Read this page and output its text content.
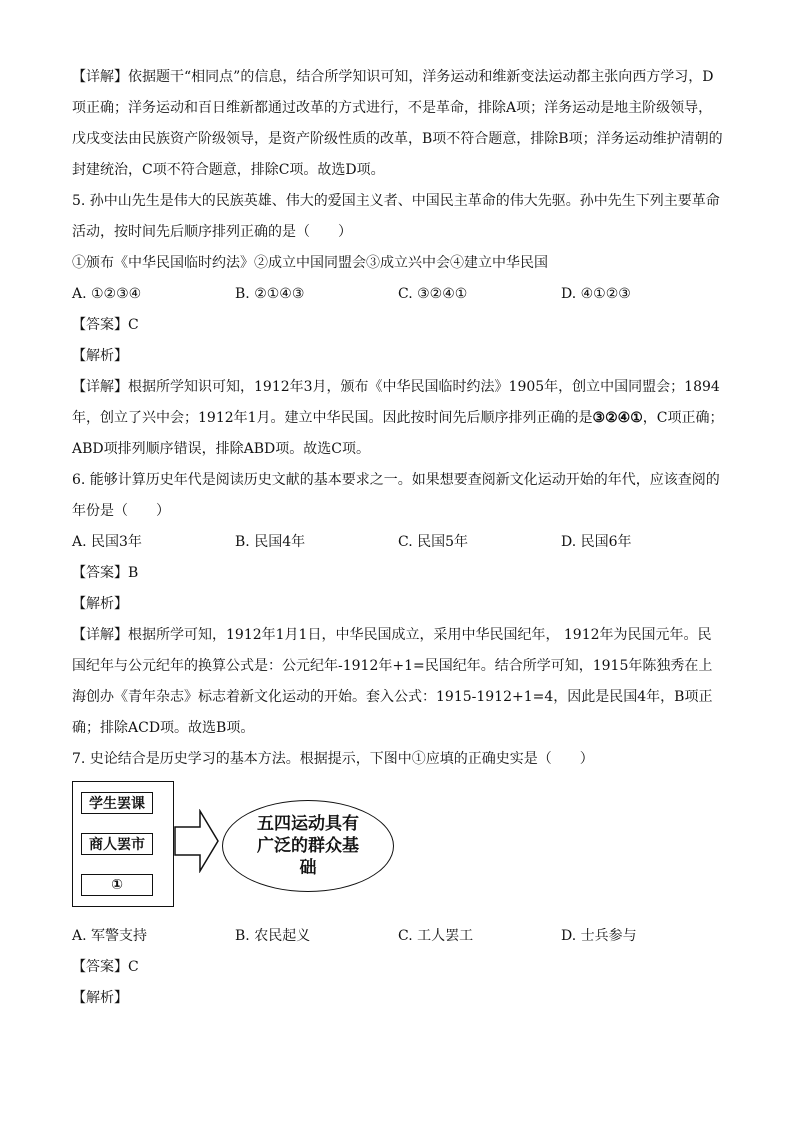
【详解】依据题干“相同点”的信息，结合所学知识可知，洋务运动和维新变法运动都主张向西方学习，D项正确；洋务运动和百日维新都通过改革的方式进行，不是革命，排除A项；洋务运动是地主阶级领导，戊戌变法由民族资产阶级领导，是资产阶级性质的改革，B项不符合题意，排除B项；洋务运动维护清朝的封建统治，C项不符合题意，排除C项。故选D项。

5. 孙中山先生是伟大的民族英雄、伟大的爱国主义者、中国民主革命的伟大先驱。孙中先生下列主要革命活动，按时间先后顺序排列正确的是（　　）

①颁布《中华民国临时约法》②成立中国同盟会③成立兴中会④建立中华民国

A. ①②③④	B. ②①④③	C. ③②④①	D. ④①②③

【答案】C

【解析】

【详解】根据所学知识可知，1912年3月，颁布《中华民国临时约法》1905年，创立中国同盟会；1894年，创立了兴中会；1912年1月。建立中华民国。因此按时间先后顺序排列正确的是③②④①，C项正确；ABD项排列顺序错误，排除ABD项。故选C项。

6. 能够计算历史年代是阅读历史文献的基本要求之一。如果想要查阅新文化运动开始的年代，应该查阅的年份是（　　）

A. 民国3年	B. 民国4年	C. 民国5年	D. 民国6年

【答案】B

【解析】

【详解】根据所学可知，1912年1月1日，中华民国成立，采用中华民国纪年， 1912年为民国元年。民国纪年与公元纪年的换算公式是：公元纪年-1912年+1=民国纪年。结合所学可知，1915年陈独秀在上海创办《青年杂志》标志着新文化运动的开始。套入公式：1915-1912+1=4，因此是民国4年，B项正确；排除ACD项。故选B项。

7. 史论结合是历史学习的基本方法。根据提示，下图中①应填的正确史实是（　　）

学生罢课
商人罢市
①
五四运动具有广泛的群众基础
A. 军警支持	B. 农民起义	C. 工人罢工	D. 士兵参与

【答案】C

【解析】
